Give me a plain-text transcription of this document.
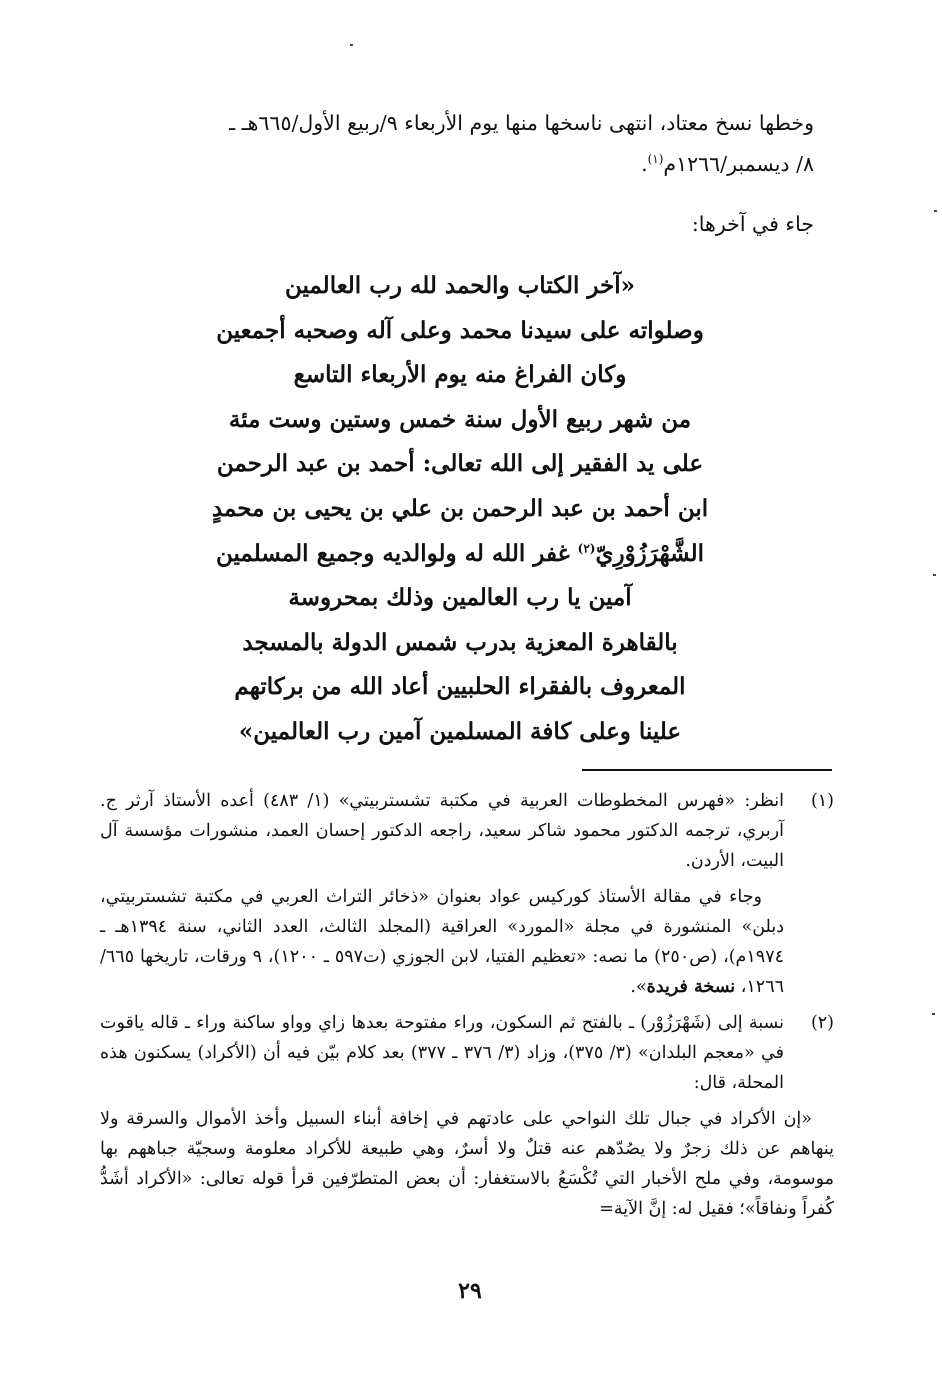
وخطها نسخ معتاد، انتهى ناسخها منها يوم الأربعاء ٩/ربيع الأول/٦٦٥هـ ـ
٨/ ديسمبر/١٢٦٦م$^{(١)}$.

جاء في آخرها:
«آخر الكتاب والحمد لله رب العالمين
وصلواته على سيدنا محمد وعلى آله وصحبه أجمعين
وكان الفراغ منه يوم الأربعاء التاسع
من شهر ربيع الأول سنة خمس وستين وست مئة
على يد الفقير إلى الله تعالى: أحمد بن عبد الرحمن
ابن أحمد بن عبد الرحمن بن علي بن يحيى بن محمدٍ
الشَّهْرَزُوْرِيّ$^{(٢)}$ غفر الله له ولوالديه وجميع المسلمين
آمين يا رب العالمين وذلك بمحروسة
بالقاهرة المعزية بدرب شمس الدولة بالمسجد
المعروف بالفقراء الحلبيين أعاد الله من بركاتهم
علينا وعلى كافة المسلمين آمين رب العالمين»
(١)

انظر: «فهرس المخطوطات العربية في مكتبة تشستربيتي» (١/ ٤٨٣) أعده الأستاذ آرثر ج. آربري، ترجمه الدكتور محمود شاكر سعيد، راجعه الدكتور إحسان العمد، منشورات مؤسسة آل البيت، الأردن.

وجاء في مقالة الأستاذ كوركيس عواد بعنوان «ذخائر التراث العربي في مكتبة تشستربيتي، دبلن» المنشورة في مجلة «المورد» العراقية (المجلد الثالث، العدد الثاني، سنة ١٣٩٤هـ ـ ١٩٧٤م)، (ص٢٥٠) ما نصه: «تعظيم الفتيا، لابن الجوزي (ت٥٩٧ ـ ١٢٠٠)، ٩ ورقات، تاريخها ٦٦٥/ ١٢٦٦، نسخة فريدة».

(٢)

نسبة إلى (شَهْرَزُوْر) ـ بالفتح ثم السكون، وراء مفتوحة بعدها زاي وواو ساكنة وراء ـ قاله ياقوت في «معجم البلدان» (٣/ ٣٧٥)، وزاد (٣/ ٣٧٦ ـ ٣٧٧) بعد كلام بيّن فيه أن (الأكراد) يسكنون هذه المحلة، قال:

«إن الأكراد في جبال تلك النواحي على عادتهم في إخافة أبناء السبيل وأخذ الأموال والسرقة ولا ينهاهم عن ذلك زجرٌ ولا يصُدّهم عنه قتلٌ ولا أسرٌ، وهي طبيعة للأكراد معلومة وسجيّة جباههم بها موسومة، وفي ملح الأخبار التي تُكْسَعُ بالاستغفار: أن بعض المتطرّفين قرأ قوله تعالى: «الأكراد أشَدُّ كُفراً ونفاقاً»؛ فقيل له: إنَّ الآية=

٢٩
